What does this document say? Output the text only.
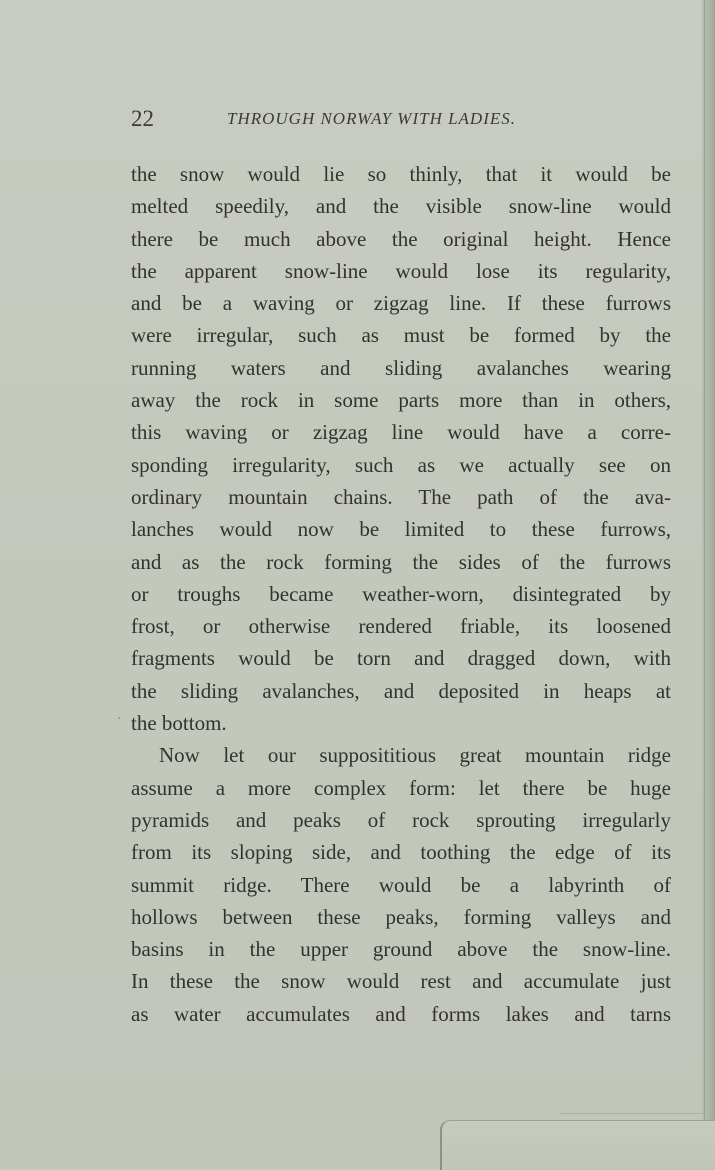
22	THROUGH NORWAY WITH LADIES.
the snow would lie so thinly, that it would be
melted speedily, and the visible snow-line would
there be much above the original height. Hence
the apparent snow-line would lose its regularity,
and be a waving or zigzag line. If these furrows
were irregular, such as must be formed by the
running waters and sliding avalanches wearing
away the rock in some parts more than in others,
this waving or zigzag line would have a corre-
sponding irregularity, such as we actually see on
ordinary mountain chains. The path of the ava-
lanches would now be limited to these furrows,
and as the rock forming the sides of the furrows
or troughs became weather-worn, disintegrated by
frost, or otherwise rendered friable, its loosened
fragments would be torn and dragged down, with
the sliding avalanches, and deposited in heaps at
the bottom.
Now let our supposititious great mountain ridge
assume a more complex form: let there be huge
pyramids and peaks of rock sprouting irregularly
from its sloping side, and toothing the edge of its
summit ridge. There would be a labyrinth of
hollows between these peaks, forming valleys and
basins in the upper ground above the snow-line.
In these the snow would rest and accumulate just
as water accumulates and forms lakes and tarns
